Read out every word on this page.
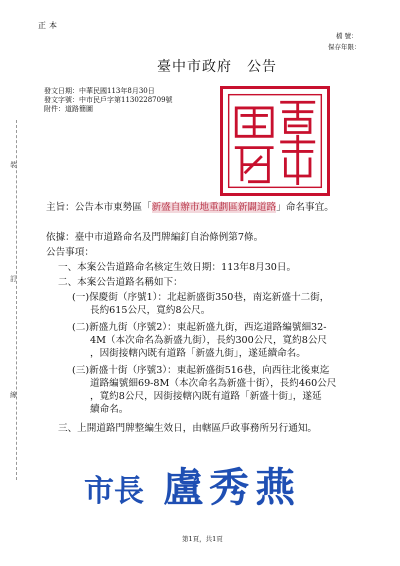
正本
檔 號：
保存年限：
臺中市政府　公告
發文日期：中華民國113年8月30日
發文字號：中市民戶字第1130228709號
附件：道路簡圖
裝
訂
線
主旨：公告本市東勢區「新盛自辦市地重劃區新闢道路」命名事宜。
依據：臺中市道路命名及門牌編釘自治條例第7條。
公告事項：
一、本案公告道路命名核定生效日期：113年8月30日。
二、本案公告道路名稱如下：
(一)保慶街（序號1）：北起新盛街350巷，南迄新盛十二街，
長約615公尺，寬約8公尺。
(二)新盛九街（序號2）：東起新盛九街，西迄道路編號細32-
4M（本次命名為新盛九街），長約300公尺，寬約8公尺
，因街接轄內既有道路「新盛九街」，遂延續命名。
(三)新盛十街（序號3）：東起新盛街516巷，向西往北後東迄
道路編號細69-8M（本次命名為新盛十街），長約460公尺
，寬約8公尺，因街接轄內既有道路「新盛十街」，遂延
續命名。
三、上開道路門牌整編生效日，由轄區戶政事務所另行通知。
市長 盧秀燕
第1頁，共1頁
